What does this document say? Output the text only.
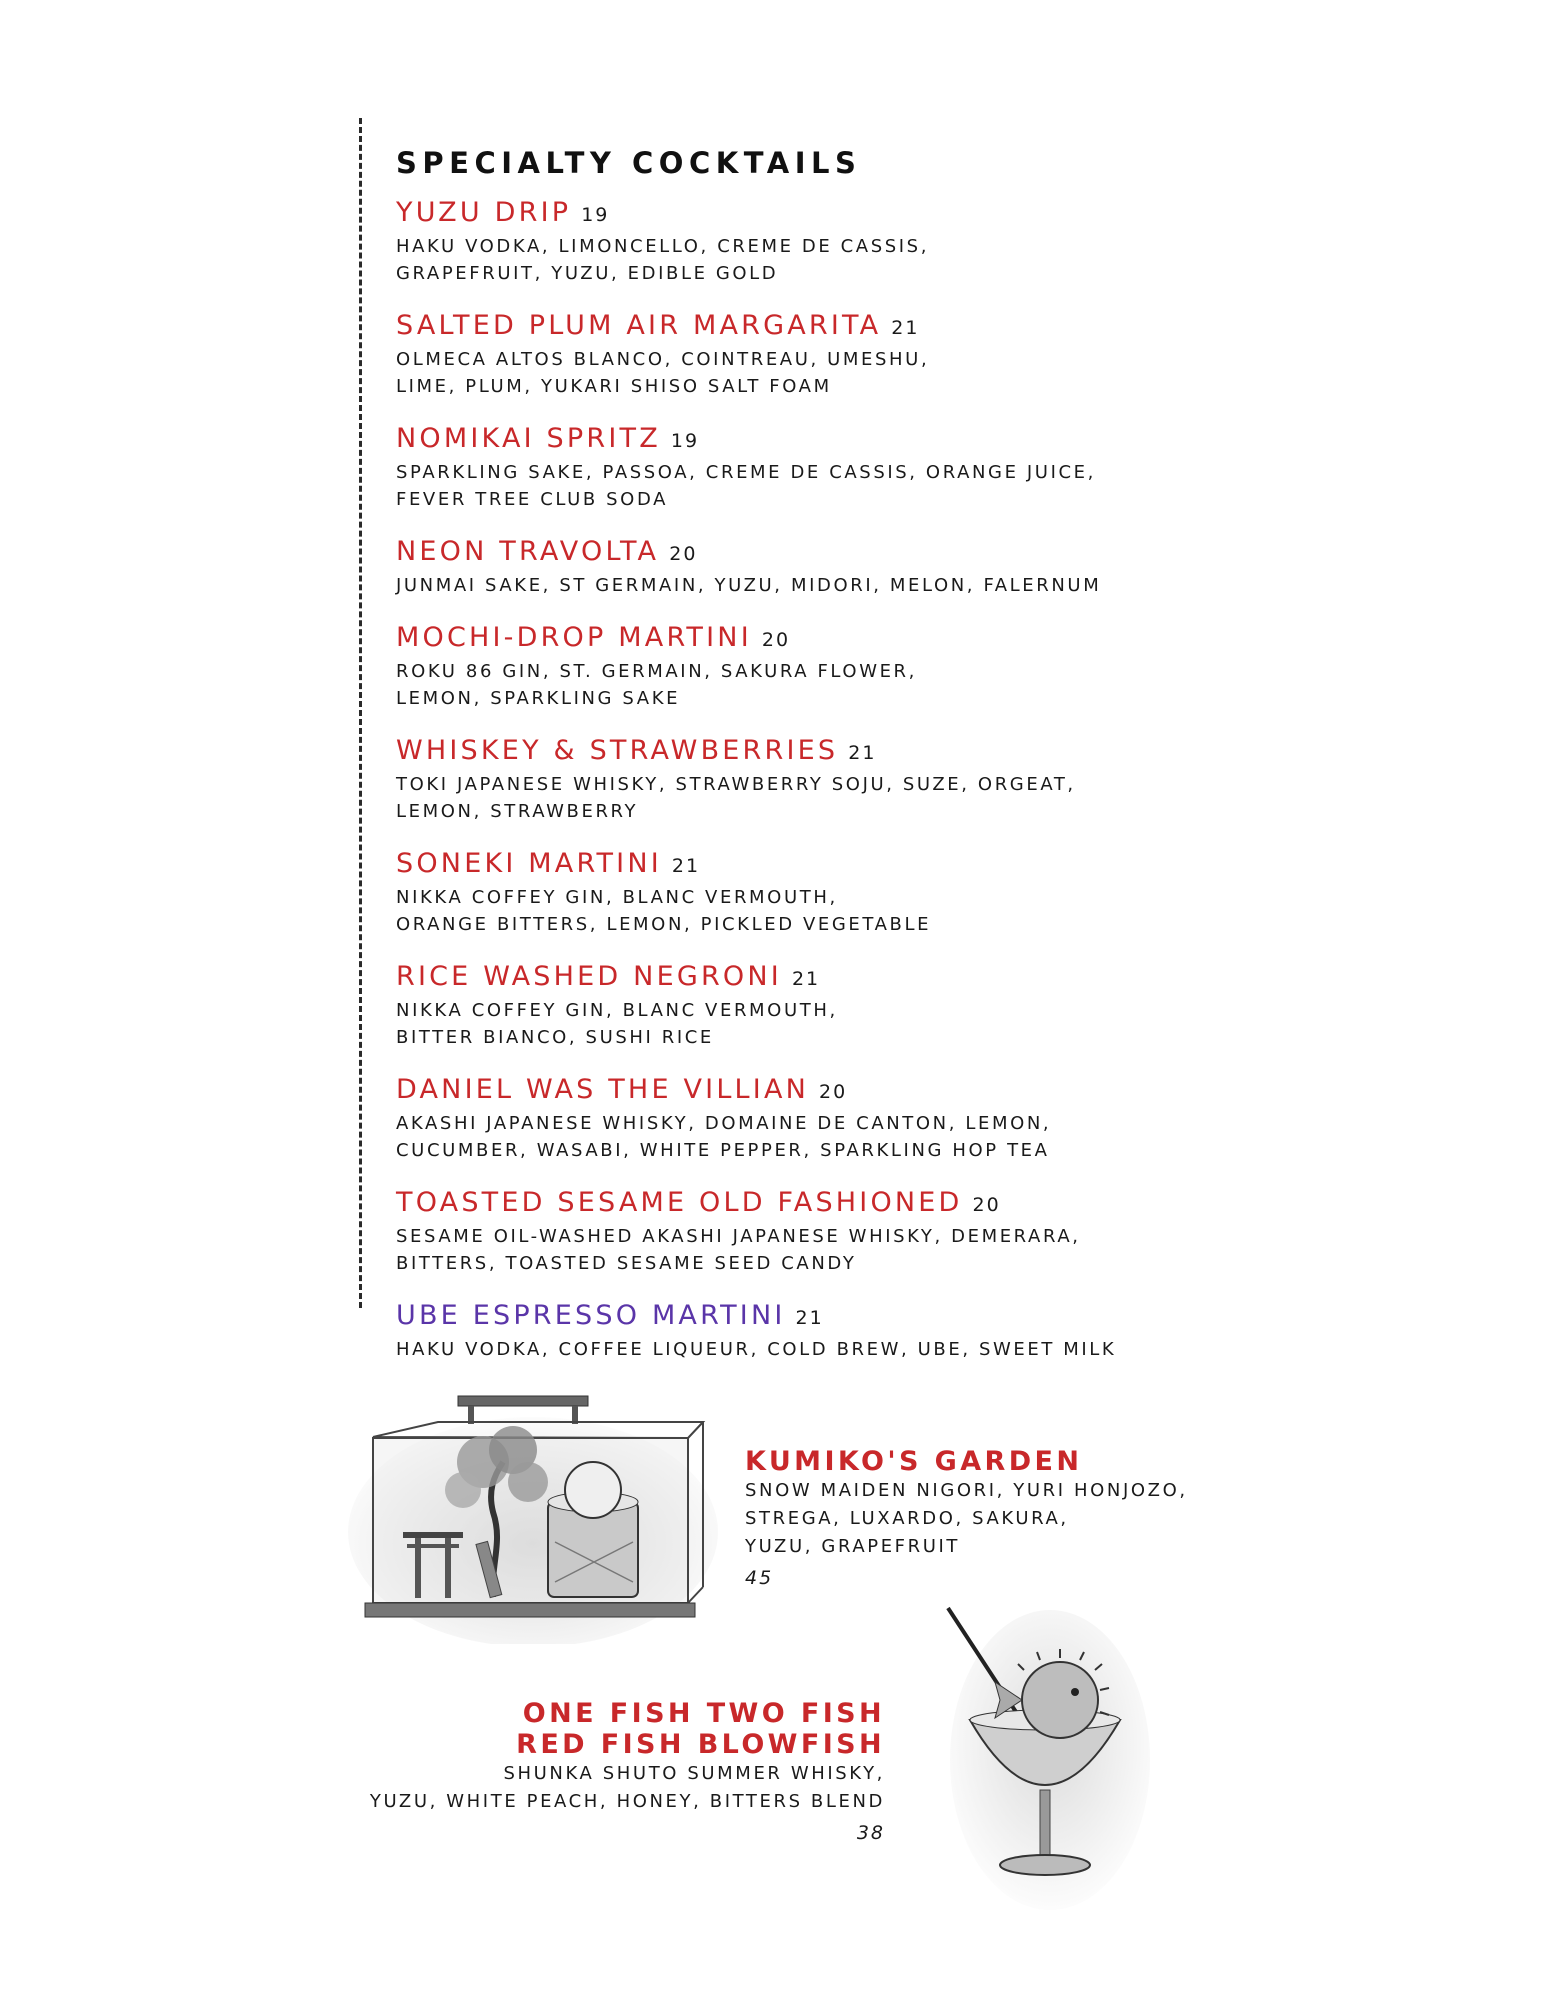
SPECIALTY COCKTAILS
YUZU DRIP 19
HAKU VODKA, LIMONCELLO, CREME DE CASSIS,
GRAPEFRUIT, YUZU, EDIBLE GOLD
SALTED PLUM AIR MARGARITA 21
OLMECA ALTOS BLANCO, COINTREAU, UMESHU,
LIME, PLUM, YUKARI SHISO SALT FOAM
NOMIKAI SPRITZ 19
SPARKLING SAKE, PASSOA, CREME DE CASSIS, ORANGE JUICE,
FEVER TREE CLUB SODA
NEON TRAVOLTA 20
JUNMAI SAKE, ST GERMAIN, YUZU, MIDORI, MELON, FALERNUM
MOCHI-DROP MARTINI 20
ROKU 86 GIN, ST. GERMAIN, SAKURA FLOWER,
LEMON, SPARKLING SAKE
WHISKEY & STRAWBERRIES 21
TOKI JAPANESE WHISKY, STRAWBERRY SOJU, SUZE, ORGEAT,
LEMON, STRAWBERRY
SONEKI MARTINI 21
NIKKA COFFEY GIN, BLANC VERMOUTH,
ORANGE BITTERS, LEMON, PICKLED VEGETABLE
RICE WASHED NEGRONI 21
NIKKA COFFEY GIN, BLANC VERMOUTH,
BITTER BIANCO, SUSHI RICE
DANIEL WAS THE VILLIAN 20
AKASHI JAPANESE WHISKY, DOMAINE DE CANTON, LEMON,
CUCUMBER, WASABI, WHITE PEPPER, SPARKLING HOP TEA
TOASTED SESAME OLD FASHIONED 20
SESAME OIL-WASHED AKASHI JAPANESE WHISKY, DEMERARA,
BITTERS, TOASTED SESAME SEED CANDY
UBE ESPRESSO MARTINI 21
HAKU VODKA, COFFEE LIQUEUR, COLD BREW, UBE, SWEET MILK
KUMIKO'S GARDEN
SNOW MAIDEN NIGORI, YURI HONJOZO,
STREGA, LUXARDO, SAKURA,
YUZU, GRAPEFRUIT
45
ONE FISH TWO FISH
RED FISH BLOWFISH
SHUNKA SHUTO SUMMER WHISKY,
YUZU, WHITE PEACH, HONEY, BITTERS BLEND
38
